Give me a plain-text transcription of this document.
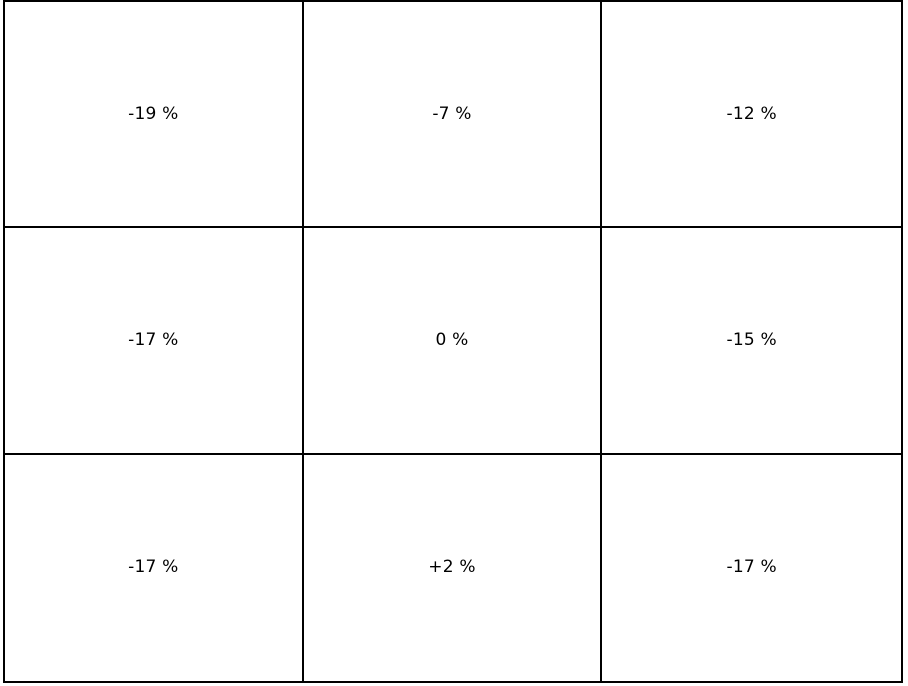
-19 %	-7 %	-12 %
-17 %	0 %	-15 %
-17 %	+2 %	-17 %
